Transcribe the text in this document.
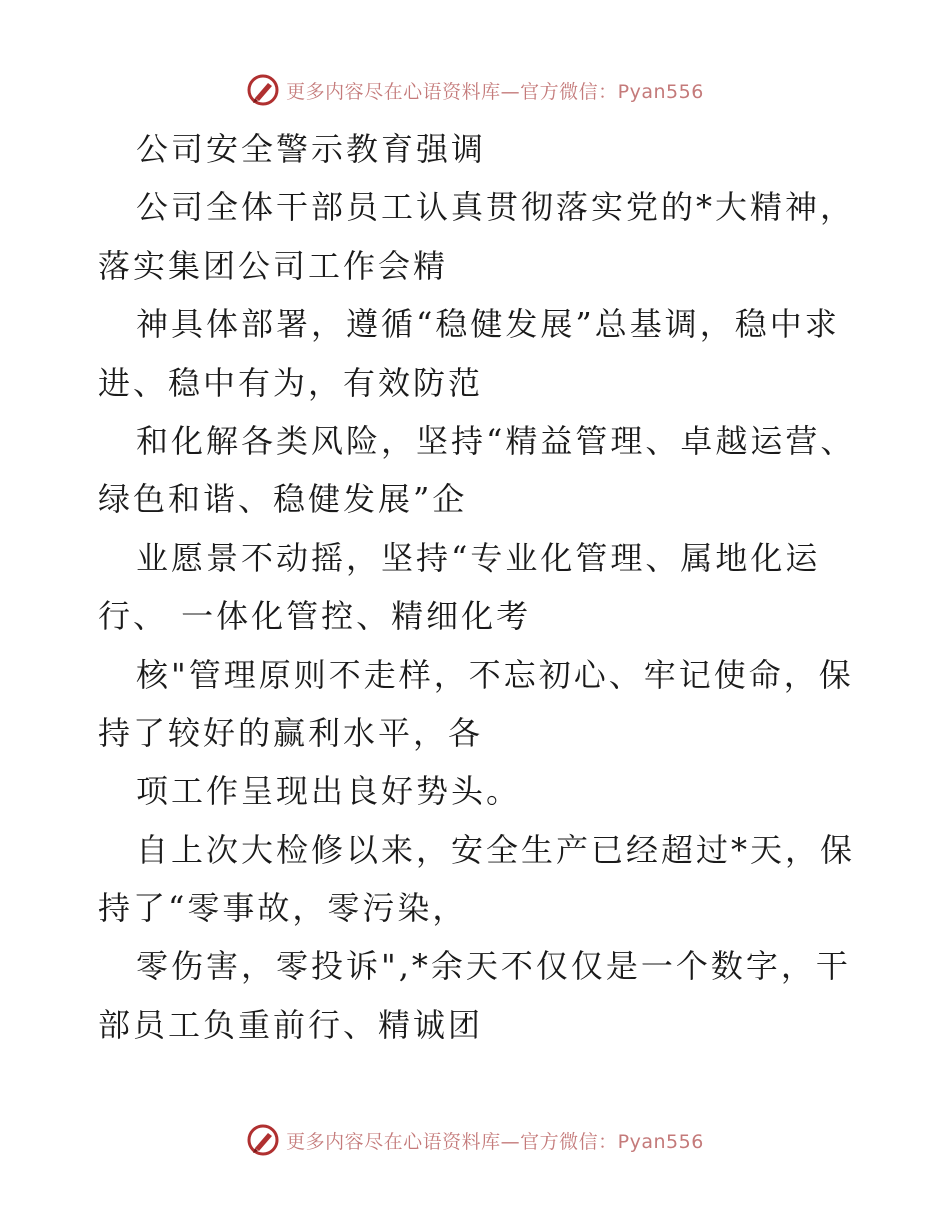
更多内容尽在心语资料库—官方微信：Pyan556
公司安全警示教育强调
公司全体干部员工认真贯彻落实党的*大精神，
落实集团公司工作会精
神具体部署，遵循“稳健发展”总基调，稳中求
进、稳中有为，有效防范
和化解各类风险，坚持“精益管理、卓越运营、
绿色和谐、稳健发展”企
业愿景不动摇，坚持“专业化管理、属地化运
行、 一体化管控、精细化考
核"管理原则不走样，不忘初心、牢记使命，保
持了较好的赢利水平，各
项工作呈现出良好势头。
自上次大检修以来，安全生产已经超过*天，保
持了“零事故，零污染，
零伤害，零投诉",*余天不仅仅是一个数字，干
部员工负重前行、精诚团
更多内容尽在心语资料库—官方微信：Pyan556
